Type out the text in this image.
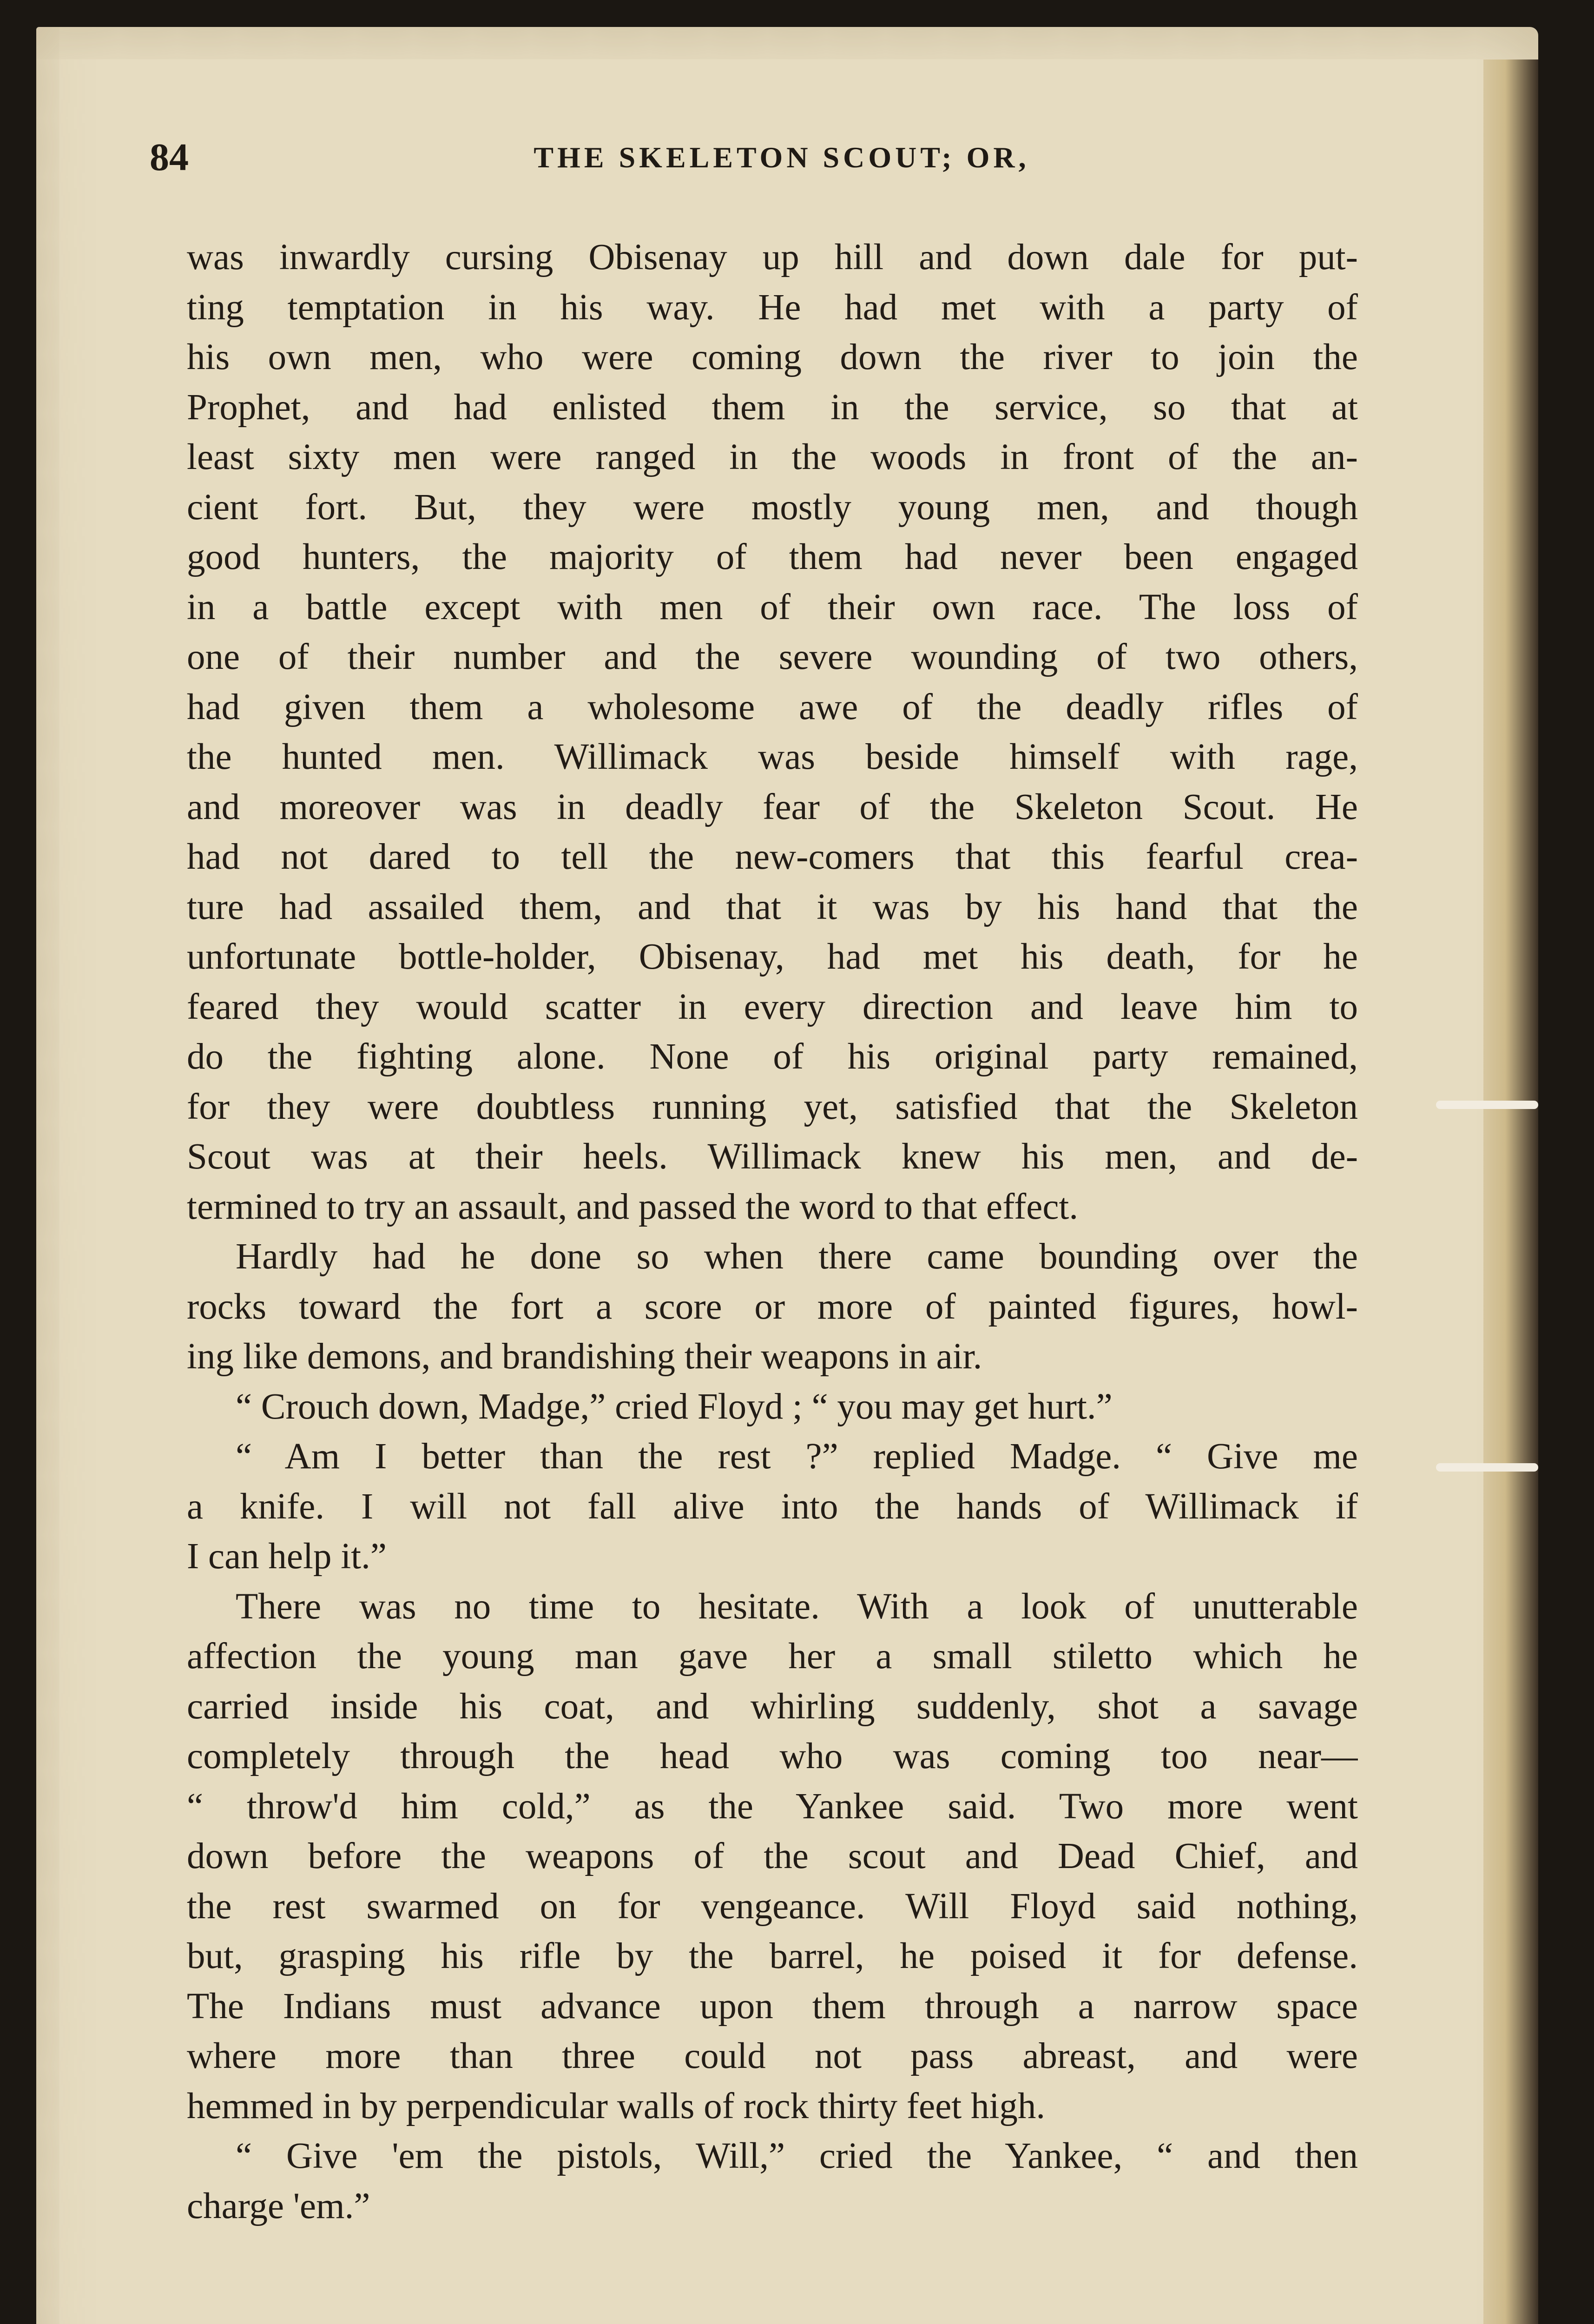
84	THE SKELETON SCOUT; OR,
was inwardly cursing Obisenay up hill and down dale for put-
ting temptation in his way. He had met with a party of
his own men, who were coming down the river to join the
Prophet, and had enlisted them in the service, so that at
least sixty men were ranged in the woods in front of the an-
cient fort. But, they were mostly young men, and though
good hunters, the majority of them had never been engaged
in a battle except with men of their own race. The loss of
one of their number and the severe wounding of two others,
had given them a wholesome awe of the deadly rifles of
the hunted men. Willimack was beside himself with rage,
and moreover was in deadly fear of the Skeleton Scout. He
had not dared to tell the new-comers that this fearful crea-
ture had assailed them, and that it was by his hand that the
unfortunate bottle-holder, Obisenay, had met his death, for he
feared they would scatter in every direction and leave him to
do the fighting alone. None of his original party remained,
for they were doubtless running yet, satisfied that the Skeleton
Scout was at their heels. Willimack knew his men, and de-
termined to try an assault, and passed the word to that effect.
Hardly had he done so when there came bounding over the
rocks toward the fort a score or more of painted figures, howl-
ing like demons, and brandishing their weapons in air.
“ Crouch down, Madge,” cried Floyd ; “ you may get hurt.”
“ Am I better than the rest ?” replied Madge. “ Give me
a knife. I will not fall alive into the hands of Willimack if
I can help it.”
There was no time to hesitate. With a look of unutterable
affection the young man gave her a small stiletto which he
carried inside his coat, and whirling suddenly, shot a savage
completely through the head who was coming too near—
“ throw'd him cold,” as the Yankee said. Two more went
down before the weapons of the scout and Dead Chief, and
the rest swarmed on for vengeance. Will Floyd said nothing,
but, grasping his rifle by the barrel, he poised it for defense.
The Indians must advance upon them through a narrow space
where more than three could not pass abreast, and were
hemmed in by perpendicular walls of rock thirty feet high.
“ Give 'em the pistols, Will,” cried the Yankee, “ and then
charge 'em.”
